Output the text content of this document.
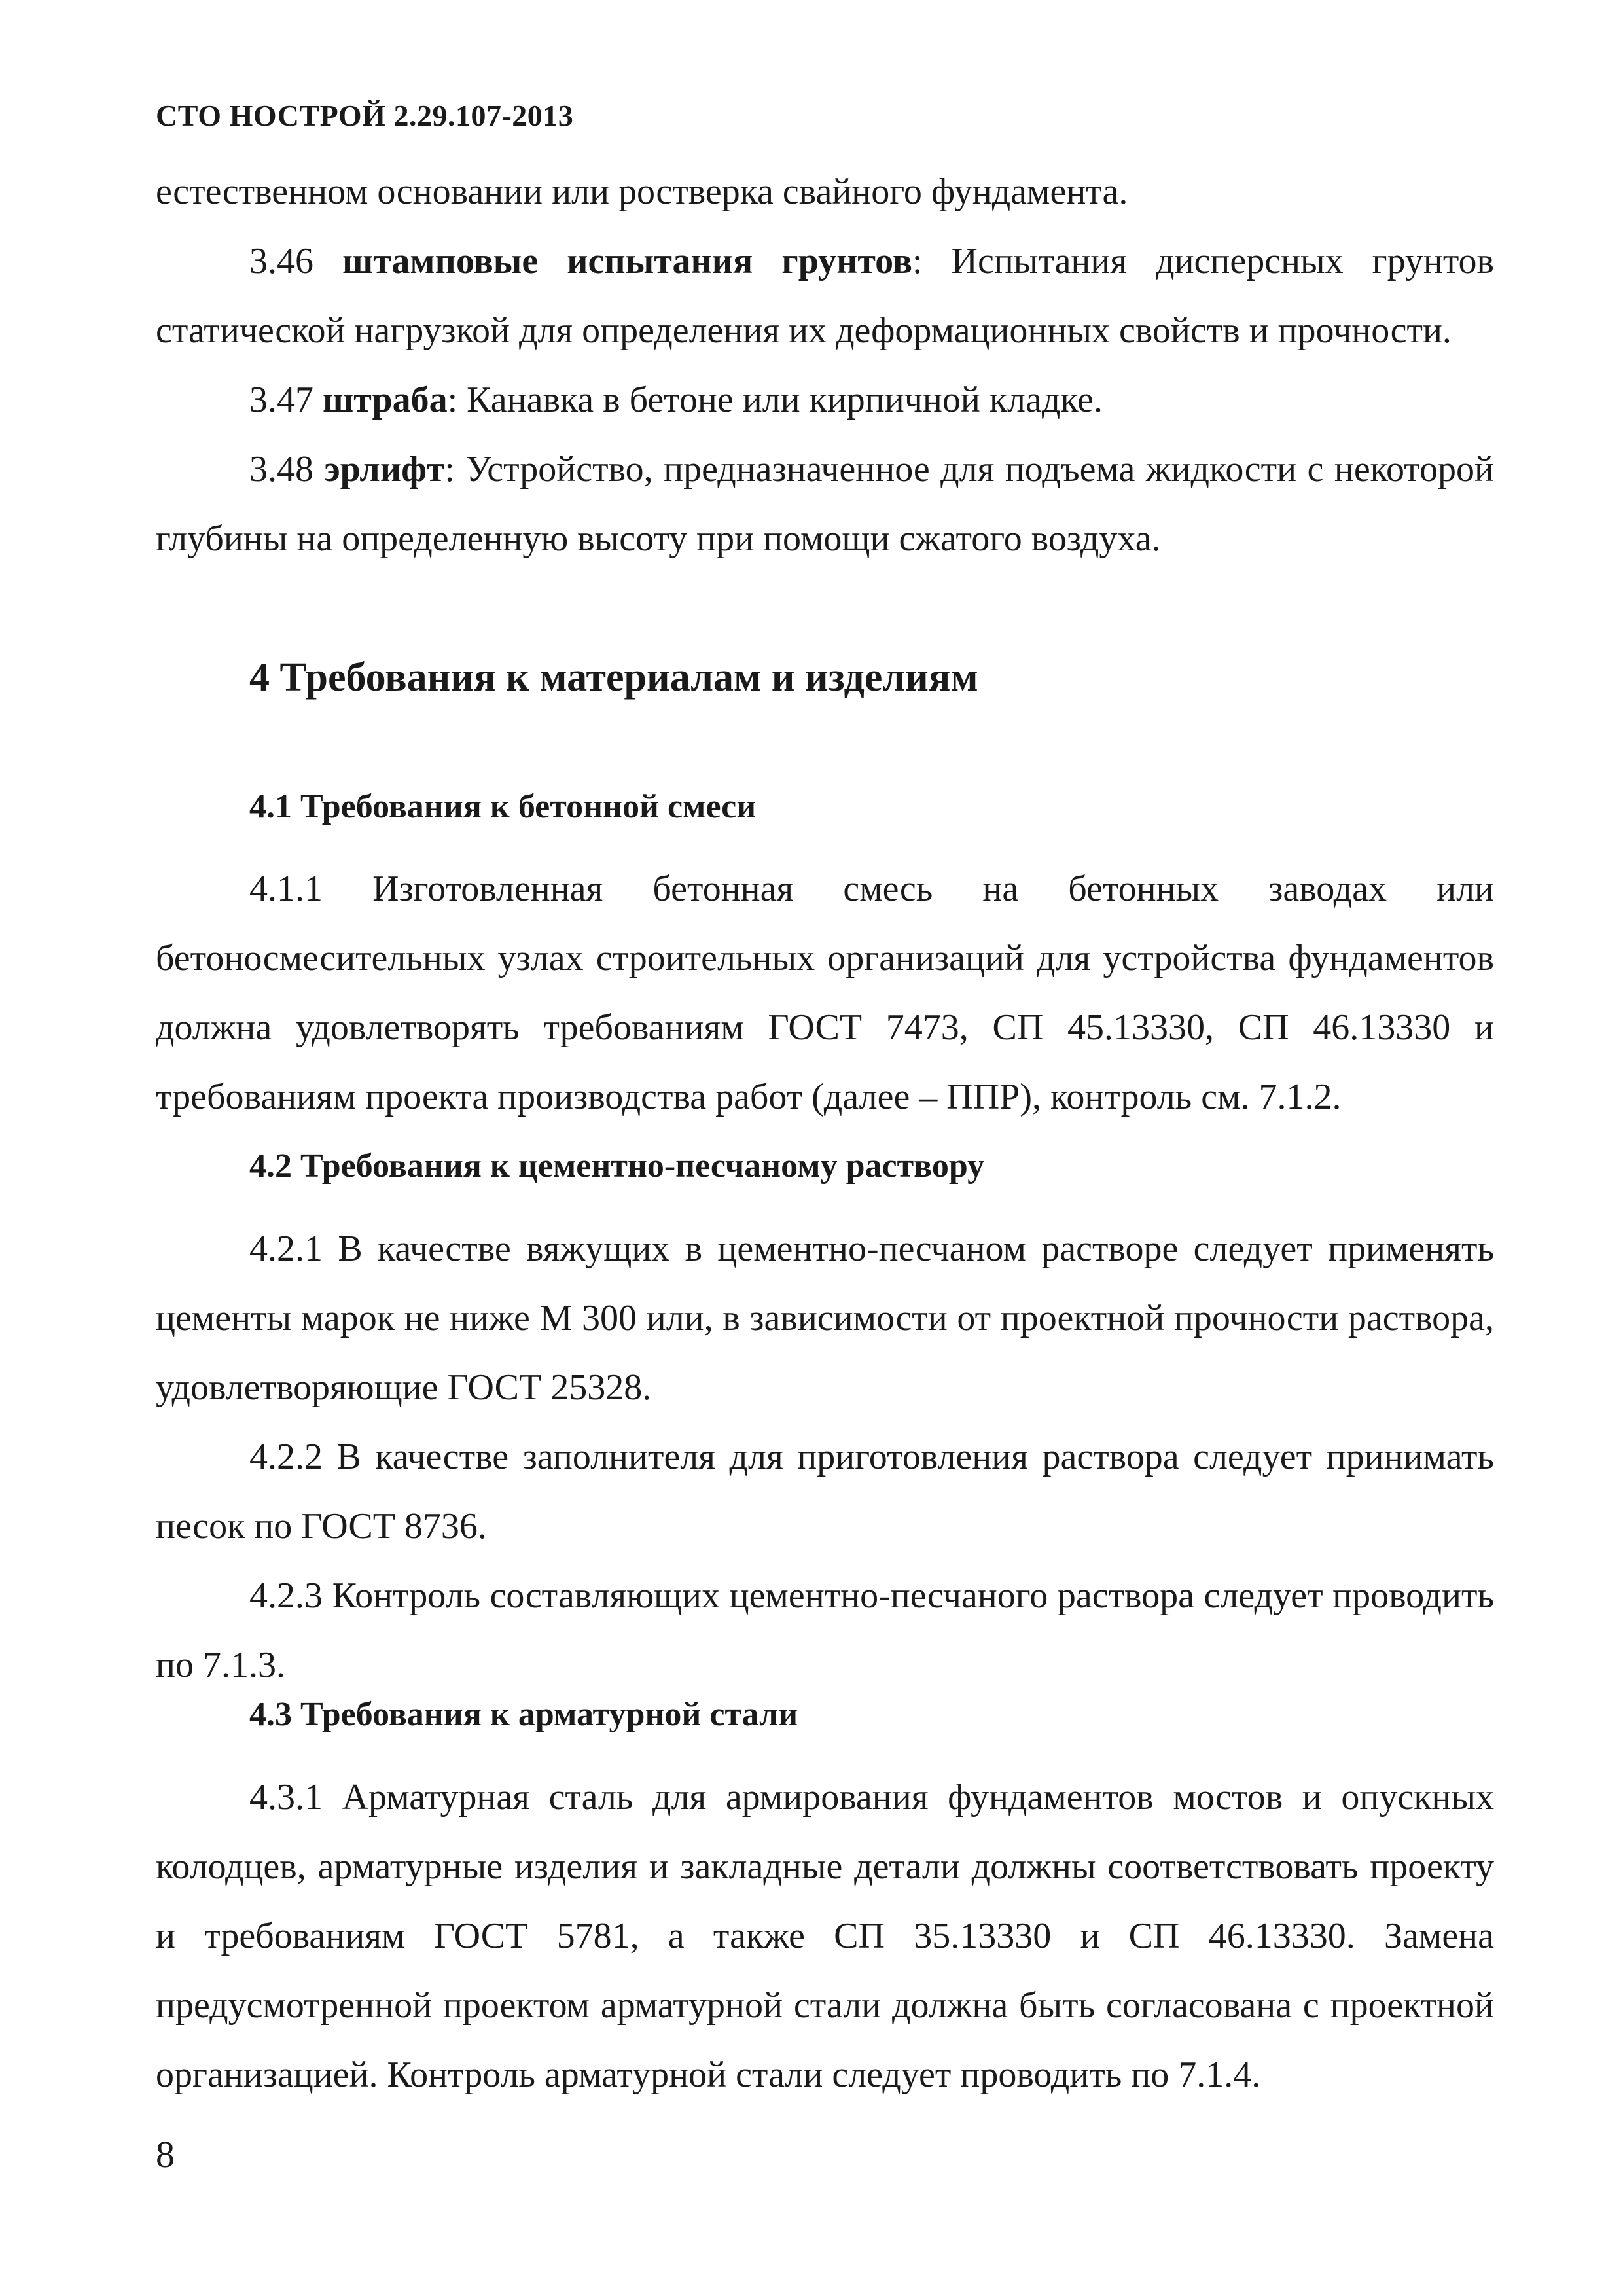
СТО НОСТРОЙ 2.29.107-2013

естественном основании или ростверка свайного фундамента.

3.46 штамповые испытания грунтов: Испытания дисперсных грунтов статической нагрузкой для определения их деформационных свойств и прочности.

3.47 штраба: Канавка в бетоне или кирпичной кладке.

3.48 эрлифт: Устройство, предназначенное для подъема жидкости с некоторой глубины на определенную высоту при помощи сжатого воздуха.

4 Требования к материалам и изделиям
4.1 Требования к бетонной смеси

4.1.1 Изготовленная бетонная смесь на бетонных заводах или бетоносмесительных узлах строительных организаций для устройства фундаментов должна удовлетворять требованиям ГОСТ 7473, СП 45.13330, СП 46.13330 и требованиям проекта производства работ (далее – ППР), контроль см. 7.1.2.

4.2 Требования к цементно-песчаному раствору

4.2.1 В качестве вяжущих в цементно-песчаном растворе следует применять цементы марок не ниже М 300 или, в зависимости от проектной прочности раствора, удовлетворяющие ГОСТ 25328.

4.2.2 В качестве заполнителя для приготовления раствора следует принимать песок по ГОСТ 8736.

4.2.3 Контроль составляющих цементно-песчаного раствора следует проводить по 7.1.3.

4.3 Требования к арматурной стали

4.3.1 Арматурная сталь для армирования фундаментов мостов и опускных колодцев, арматурные изделия и закладные детали должны соответствовать проекту и требованиям ГОСТ 5781, а также СП 35.13330 и СП 46.13330. Замена предусмотренной проектом арматурной стали должна быть согласована с проектной организацией. Контроль арматурной стали следует проводить по 7.1.4.

8
